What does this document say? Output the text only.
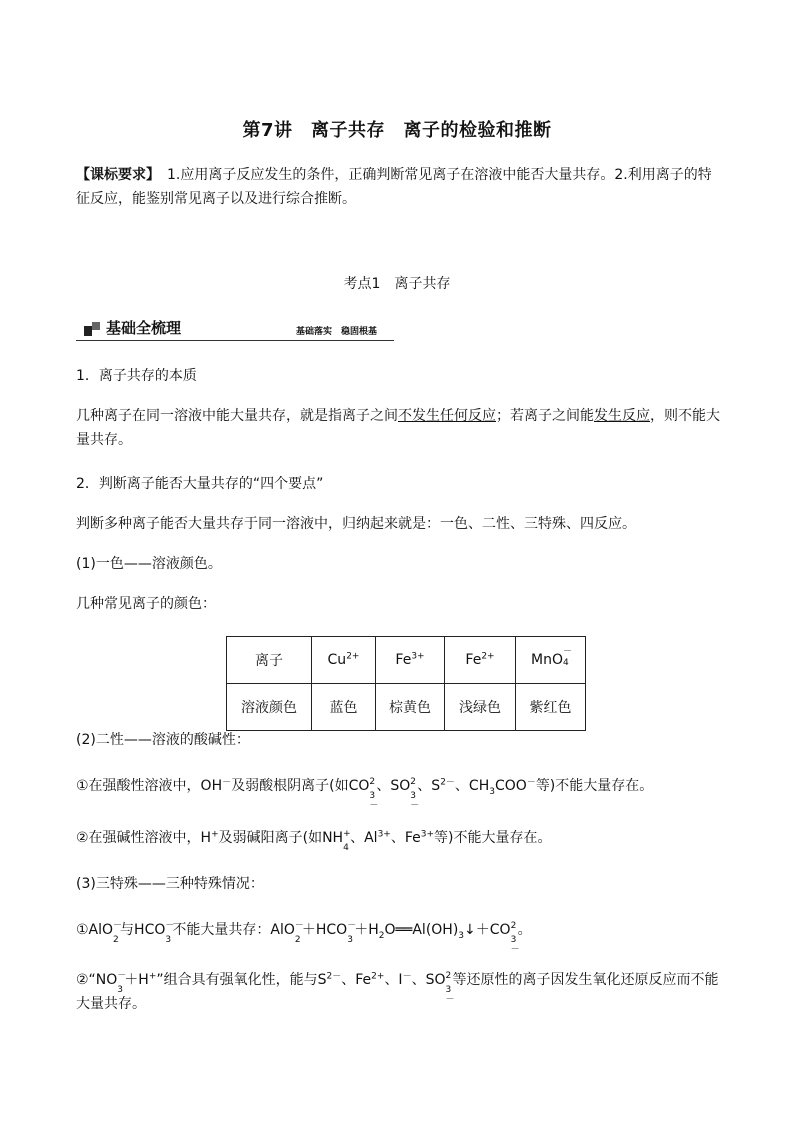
第7讲　离子共存　离子的检验和推断
【课标要求】　1.应用离子反应发生的条件，正确判断常见离子在溶液中能否大量共存。2.利用离子的特征反应，能鉴别常见离子以及进行综合推断。
考点1　离子共存
基础全梳理	基础落实　稳固根基
1．离子共存的本质
几种离子在同一溶液中能大量共存，就是指离子之间不发生任何反应；若离子之间能发生反应，则不能大量共存。
2．判断离子能否大量共存的“四个要点”
判断多种离子能否大量共存于同一溶液中，归纳起来就是：一色、二性、三特殊、四反应。
(1)一色——溶液颜色。
几种常见离子的颜色：
离子	$Cu^{2+}$	$Fe^{3+}$	$Fe^{2+}$	MnO －
4

溶液颜色	蓝色	棕黄色	浅绿色	紫红色
(2)二性——溶液的酸碱性：
①在强酸性溶液中，OH－及弱酸根阴离子(如CO 2－
3
、SO 2－
3
、$S^{2-}$、$CH_3COO^-$等)不能大量存在。
②在强碱性溶液中，H+及弱碱阳离子(如NH +
4
、$Al^{3+}$、$Fe^{3+}$等)不能大量存在。
(3)三特殊——三种特殊情况：
①AlO －
2
与HCO －
3
不能大量共存：AlO －
2
＋HCO －
3
$+H_2O══Al(OH)_3↓+CO$ 2－
3
。
②“NO －
3
＋H+”组合具有强氧化性，能与$S^{2-}$、$Fe^{2+}$、I－、SO 2－
3
等还原性的离子因发生氧化还原反应而不能大量共存。
